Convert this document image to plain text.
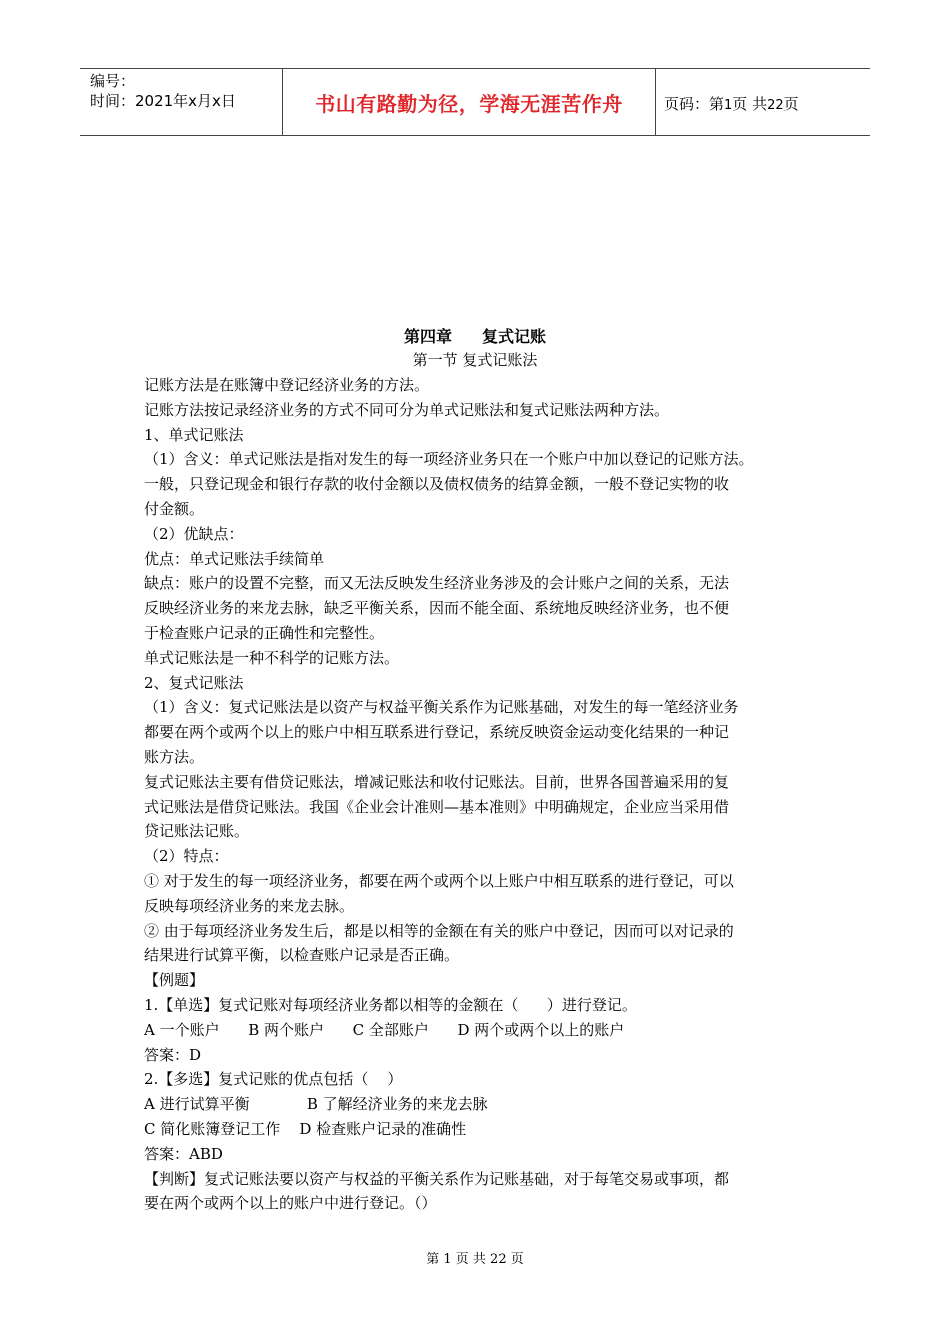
编号：
时间：2021年x月x日	书山有路勤为径，学海无涯苦作舟	页码：第1页 共22页
第四章 复式记账
第一节 复式记账法

记账方法是在账簿中登记经济业务的方法。

记账方法按记录经济业务的方式不同可分为单式记账法和复式记账法两种方法。

1、单式记账法

（1）含义：单式记账法是指对发生的每一项经济业务只在一个账户中加以登记的记账方法。

一般，只登记现金和银行存款的收付金额以及债权债务的结算金额，一般不登记实物的收

付金额。

（2）优缺点：

优点：单式记账法手续简单

缺点：账户的设置不完整，而又无法反映发生经济业务涉及的会计账户之间的关系，无法

反映经济业务的来龙去脉，缺乏平衡关系，因而不能全面、系统地反映经济业务，也不便

于检查账户记录的正确性和完整性。

单式记账法是一种不科学的记账方法。

2、复式记账法

（1）含义：复式记账法是以资产与权益平衡关系作为记账基础，对发生的每一笔经济业务

都要在两个或两个以上的账户中相互联系进行登记，系统反映资金运动变化结果的一种记

账方法。

复式记账法主要有借贷记账法，增减记账法和收付记账法。目前，世界各国普遍采用的复

式记账法是借贷记账法。我国《企业会计准则—基本准则》中明确规定，企业应当采用借

贷记账法记账。

（2）特点：

① 对于发生的每一项经济业务，都要在两个或两个以上账户中相互联系的进行登记，可以

反映每项经济业务的来龙去脉。

② 由于每项经济业务发生后，都是以相等的金额在有关的账户中登记，因而可以对记录的

结果进行试算平衡，以检查账户记录是否正确。

【例题】

1.【单选】复式记账对每项经济业务都以相等的金额在（      ）进行登记。

A 一个账户      B 两个账户      C 全部账户      D 两个或两个以上的账户

答案：D

2.【多选】复式记账的优点包括（    ）

A 进行试算平衡            B 了解经济业务的来龙去脉

C 简化账簿登记工作    D 检查账户记录的准确性

答案：ABD

【判断】复式记账法要以资产与权益的平衡关系作为记账基础，对于每笔交易或事项，都

要在两个或两个以上的账户中进行登记。（）

第 1 页 共 22 页
